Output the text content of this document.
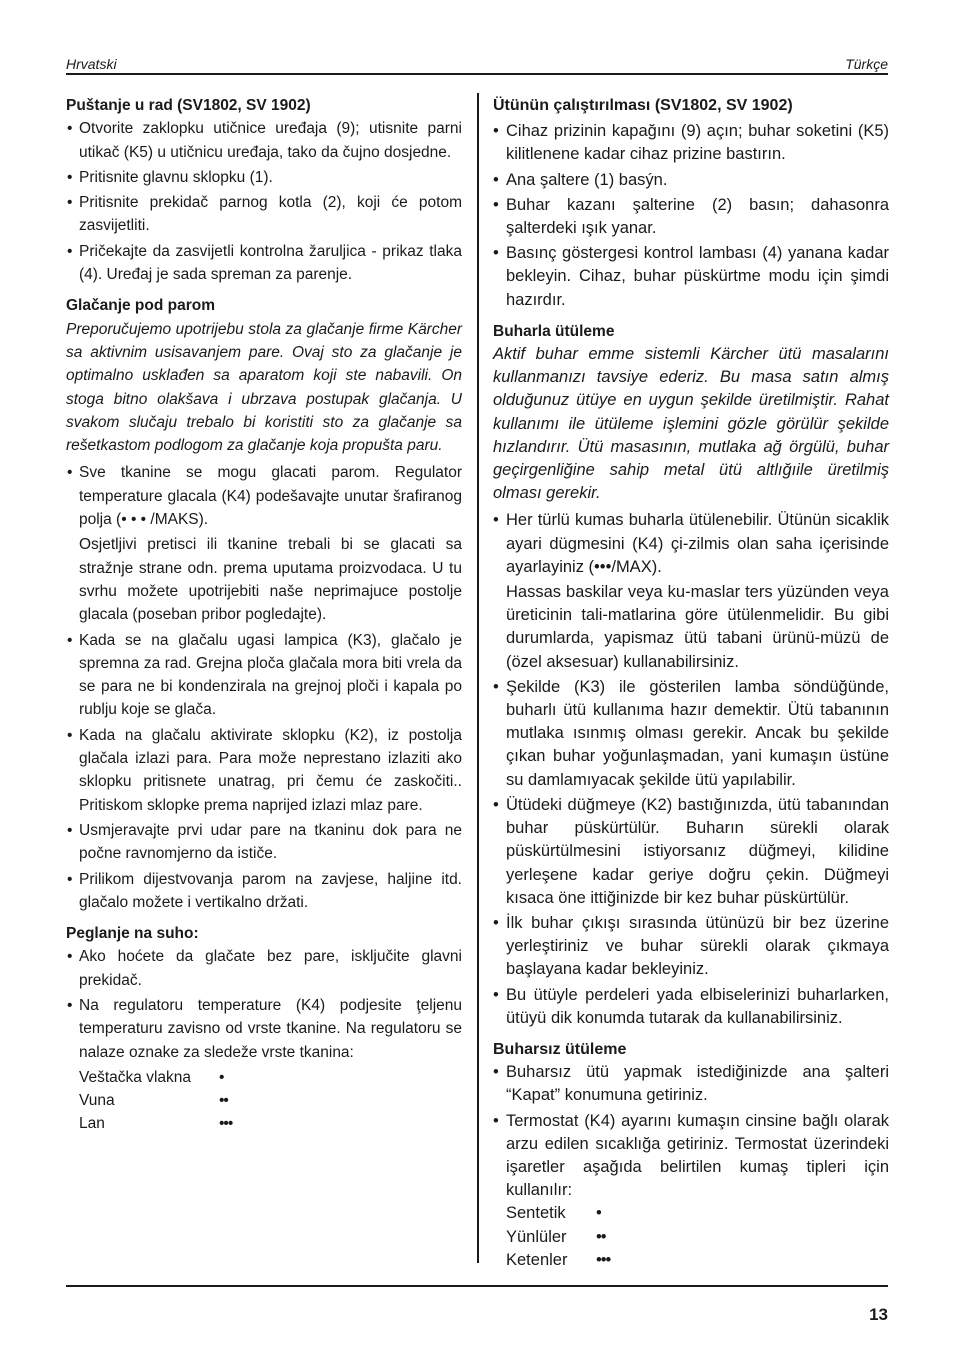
Hrvatski	Türkçe

Puštanje u rad (SV1802, SV 1902)

• Otvorite zaklopku utičnice uređaja (9); utisnite parni utikač (K5) u utičnicu uređaja, tako da čujno dosjedne.
• Pritisnite glavnu sklopku (1).
• Pritisnite prekidač parnog kotla (2), koji će potom zasvijetliti.
• Pričekajte da zasvijetli kontrolna žaruljica - prikaz tlaka (4). Uređaj je sada spreman za parenje.

Glačanje pod parom

Preporučujemo upotrijebu stola za glačanje firme Kärcher sa aktivnim usisavanjem pare. Ovaj sto za glačanje je optimalno usklađen sa aparatom koji ste nabavili. On stoga bitno olakšava i ubrzava postupak glačanja. U svakom slučaju trebalo bi koristiti sto za glačanje sa rešetkastom podlogom za glačanje koja propušta paru.

• Sve tkanine se mogu glacati parom. Regulator temperature glacala (K4) podešavajte unutar šrafiranog polja (• • • /MAKS).
Osjetljivi pretisci ili tkanine trebali bi se glacati sa stražnje strane odn. prema uputama proizvodaca. U tu svrhu možete upotrijebiti naše neprimajuce postolje glacala (poseban pribor pogledajte).
• Kada se na glačalu ugasi lampica (K3), glačalo je spremna za rad. Grejna ploča glačala mora biti vrela da se para ne bi kondenzirala na grejnoj ploči i kapala po rublju koje se glača.
• Kada na glačalu aktivirate sklopku (K2), iz postolja glačala izlazi para. Para može neprestano izlaziti ako sklopku pritisnete unatrag, pri čemu će zaskočiti.. Pritiskom sklopke prema naprijed izlazi mlaz pare.
• Usmjeravajte prvi udar pare na tkaninu dok para ne počne ravnomjerno da ističe.
• Prilikom dijestvovanja parom na zavjese, haljine itd. glačalo možete i vertikalno držati.

Peglanje na suho:

• Ako hoćete da glačate bez pare, isključite glavni prekidač.
• Na regulatoru temperature (K4) podjesite ţeljenu temperaturu zavisno od vrste tkanine. Na regulatoru se nalaze oznake za sledeže vrste tkanina:
Veštačka vlakna	•
Vuna	••
Lan	•••

Ütünün çalıştırılması (SV1802, SV 1902)

• Cihaz prizinin kapağını (9) açın; buhar soketini (K5) kilitlenene kadar cihaz prizine bastırın.
• Ana şaltere (1) basýn.
• Buhar kazanı şalterine (2) basın; dahasonra şalterdeki ışık yanar.
• Basınç göstergesi kontrol lambası (4) yanana kadar bekleyin. Cihaz, buhar püskürtme modu için şimdi hazırdır.

Buharla ütüleme

Aktif buhar emme sistemli Kärcher ütü masalarını kullanmanızı tavsiye ederiz. Bu masa satın almış olduğunuz ütüye en uygun şekilde üretilmiştir. Rahat kullanımı ile ütüleme işlemini gözle görülür şekilde hızlandırır. Ütü masasının, mutlaka ağ örgülü, buhar geçirgenliğine sahip metal ütü altlığıile üretilmiş olması gerekir.

• Her türlü kumas buharla ütülenebilir. Ütünün sicaklik ayari dügmesini (K4) çi-zilmis olan saha içerisinde ayarlayiniz (•••/MAX).
Hassas baskilar veya ku-maslar ters yüzünden veya üreticinin tali-matlarina göre ütülenmelidir. Bu gibi durumlarda, yapismaz ütü tabani ürünü-müzü de (özel aksesuar) kullanabilirsiniz.
• Şekilde (K3) ile gösterilen lamba söndüğünde, buharlı ütü kullanıma hazır demektir. Ütü tabanının mutlaka ısınmış olması gerekir. Ancak bu şekilde çıkan buhar yoğunlaşmadan, yani kumaşın üstüne su damlamıyacak şekilde ütü yapılabilir.
• Ütüdeki düğmeye (K2) bastığınızda, ütü tabanından buhar püskürtülür. Buharın sürekli olarak püskürtülmesini istiyorsanız düğmeyi, kilidine yerleşene kadar geriye doğru çekin. Düğmeyi kısaca öne ittiğinizde bir kez buhar püskürtülür.
• İlk buhar çıkışı sırasında ütünüzü bir bez üzerine yerleştiriniz ve buhar sürekli olarak çıkmaya başlayana kadar bekleyiniz.
• Bu ütüyle perdeleri yada elbiselerinizi buharlarken, ütüyü dik konumda tutarak da kullanabilirsiniz.

Buharsız ütüleme

• Buharsız ütü yapmak istediğinizde ana şalteri “Kapat” konumuna getiriniz.
• Termostat (K4) ayarını kumaşın cinsine bağlı olarak arzu edilen sıcaklığa getiriniz. Termostat üzerindeki işaretler aşağıda belirtilen kumaş tipleri için kullanılır:
Sentetik	•
Yünlüler	••
Ketenler	•••
13
